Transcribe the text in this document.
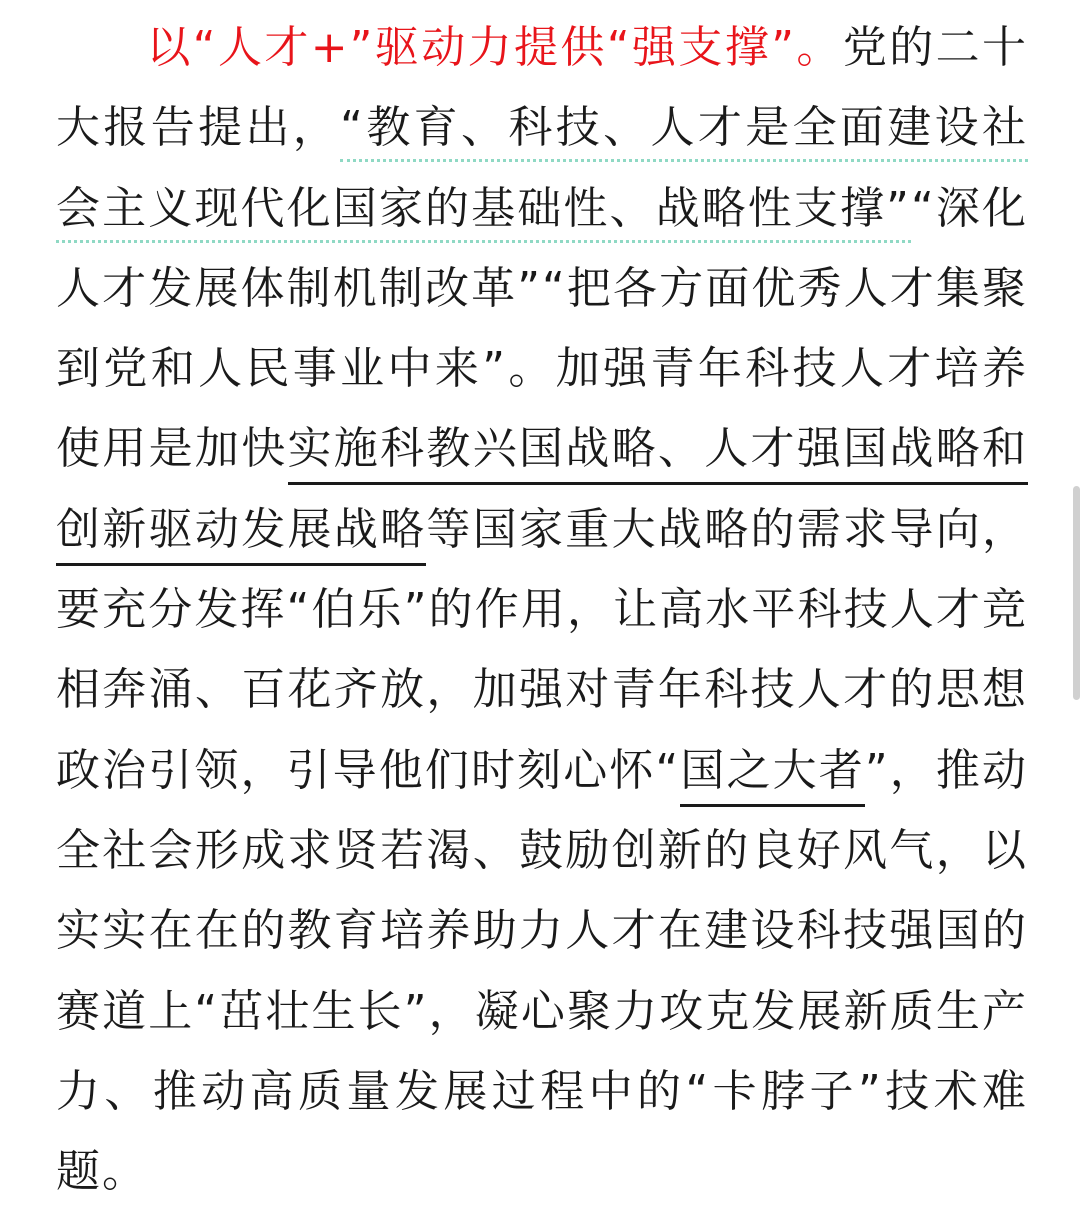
以“人才+”驱动力提供“强支撑”。党的二十大报告提出，“教育、科技、人才是全面建设社会主义现代化国家的基础性、战略性支撑”“深化人才发展体制机制改革”“把各方面优秀人才集聚到党和人民事业中来”。加强青年科技人才培养使用是加快实施科教兴国战略、人才强国战略和创新驱动发展战略等国家重大战略的需求导向，要充分发挥“伯乐”的作用，让高水平科技人才竞相奔涌、百花齐放，加强对青年科技人才的思想政治引领，引导他们时刻心怀“国之大者”，推动全社会形成求贤若渴、鼓励创新的良好风气，以实实在在的教育培养助力人才在建设科技强国的赛道上“茁壮生长”，凝心聚力攻克发展新质生产力、推动高质量发展过程中的“卡脖子”技术难题。
